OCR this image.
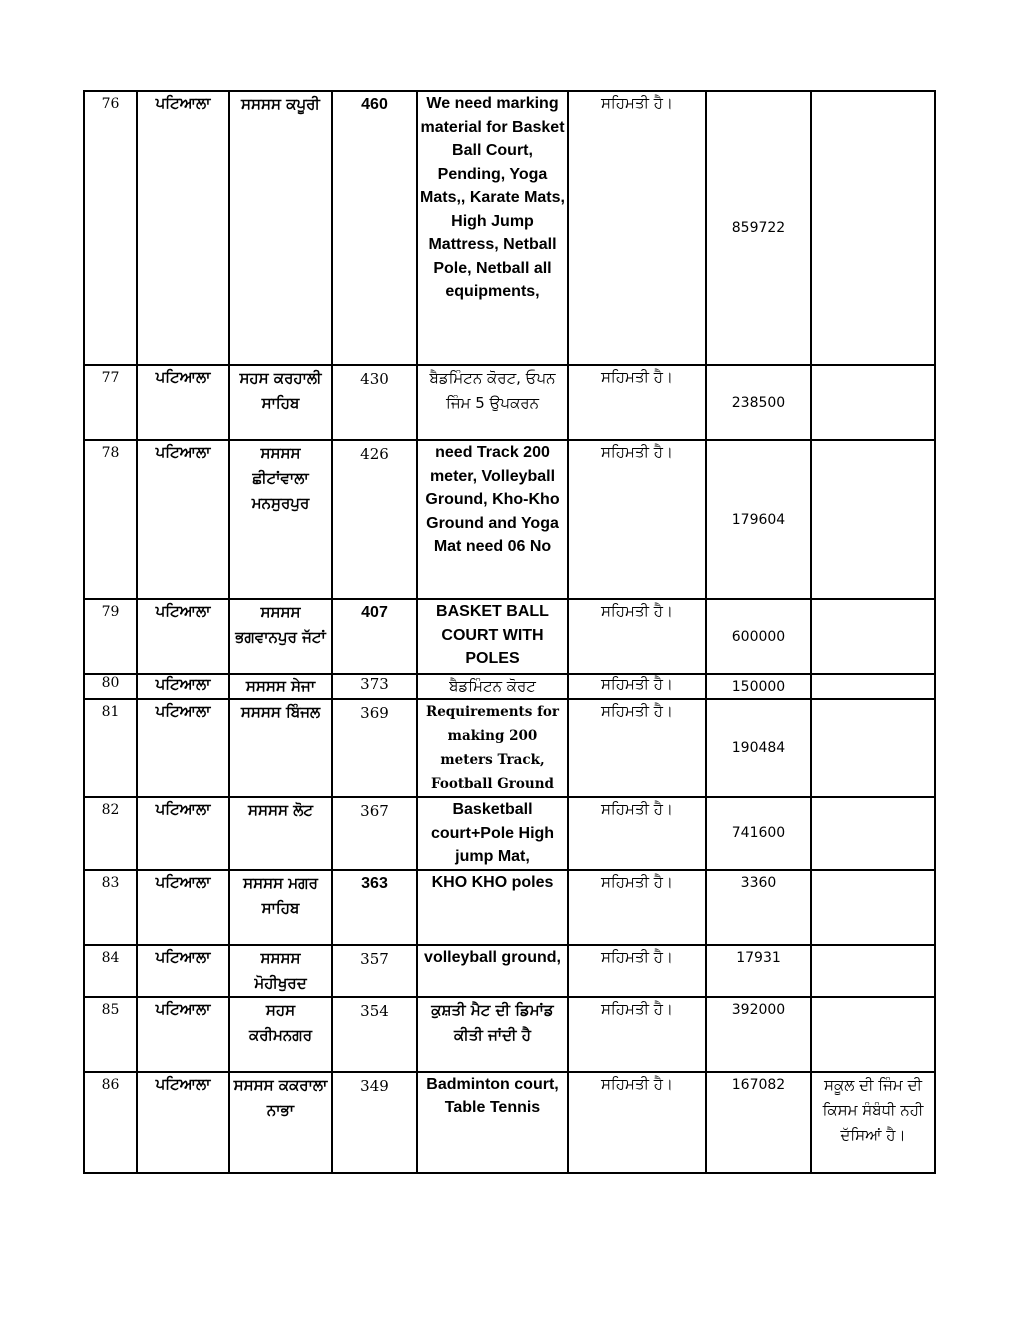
76	ਪਟਿਆਲਾ	ਸਸਸਸ ਕਪੂਰੀ	460	We need marking material for Basket Ball Court, Pending, Yoga Mats,, Karate Mats, High Jump Mattress, Netball Pole, Netball all equipments,	ਸਹਿਮਤੀ ਹੈ।	859722	
77	ਪਟਿਆਲਾ	ਸਹਸ ਕਰਹਾਲੀ ਸਾਹਿਬ	430	ਬੈਡਮਿੰਟਨ ਕੋਰਟ, ਓਪਨ ਜਿੰਮ 5 ਉਪਕਰਨ	ਸਹਿਮਤੀ ਹੈ।	238500	
78	ਪਟਿਆਲਾ	ਸਸਸਸ ਛੀਟਾਂਵਾਲਾ ਮਨਸੁਰਪੁਰ	426	need Track 200 meter, Volleyball Ground, Kho-Kho Ground and Yoga Mat need 06 No	ਸਹਿਮਤੀ ਹੈ।	179604	
79	ਪਟਿਆਲਾ	ਸਸਸਸ ਭਗਵਾਨਪੁਰ ਜੱਟਾਂ	407	BASKET BALL COURT WITH POLES	ਸਹਿਮਤੀ ਹੈ।	600000	
80	ਪਟਿਆਲਾ	ਸਸਸਸ ਸੇਜਾ	373	ਬੈਡਮਿੰਟਨ ਕੋਰਟ	ਸਹਿਮਤੀ ਹੈ।	150000	
81	ਪਟਿਆਲਾ	ਸਸਸਸ ਬਿੰਜਲ	369	Requirements for making 200 meters Track, Football Ground	ਸਹਿਮਤੀ ਹੈ।	190484	
82	ਪਟਿਆਲਾ	ਸਸਸਸ ਲੋਟ	367	Basketball court+Pole High jump Mat,	ਸਹਿਮਤੀ ਹੈ।	741600	
83	ਪਟਿਆਲਾ	ਸਸਸਸ ਮਗਰ ਸਾਹਿਬ	363	KHO KHO poles	ਸਹਿਮਤੀ ਹੈ।	3360	
84	ਪਟਿਆਲਾ	ਸਸਸਸ ਮੋਹੀਖੁਰਦ	357	volleyball ground,	ਸਹਿਮਤੀ ਹੈ।	17931	
85	ਪਟਿਆਲਾ	ਸਹਸ ਕਰੀਮਨਗਰ	354	ਕੁਸ਼ਤੀ ਮੈਟ ਦੀ ਡਿਮਾਂਡ ਕੀਤੀ ਜਾਂਦੀ ਹੈ	ਸਹਿਮਤੀ ਹੈ।	392000	
86	ਪਟਿਆਲਾ	ਸਸਸਸ ਕਕਰਾਲਾ ਨਾਭਾ	349	Badminton court, Table Tennis	ਸਹਿਮਤੀ ਹੈ।	167082	ਸਕੂਲ ਦੀ ਜਿੰਮ ਦੀ ਕਿਸਮ ਸੰਬੰਧੀ ਨਹੀ ਦੱਸਿਆਂ ਹੈ।
